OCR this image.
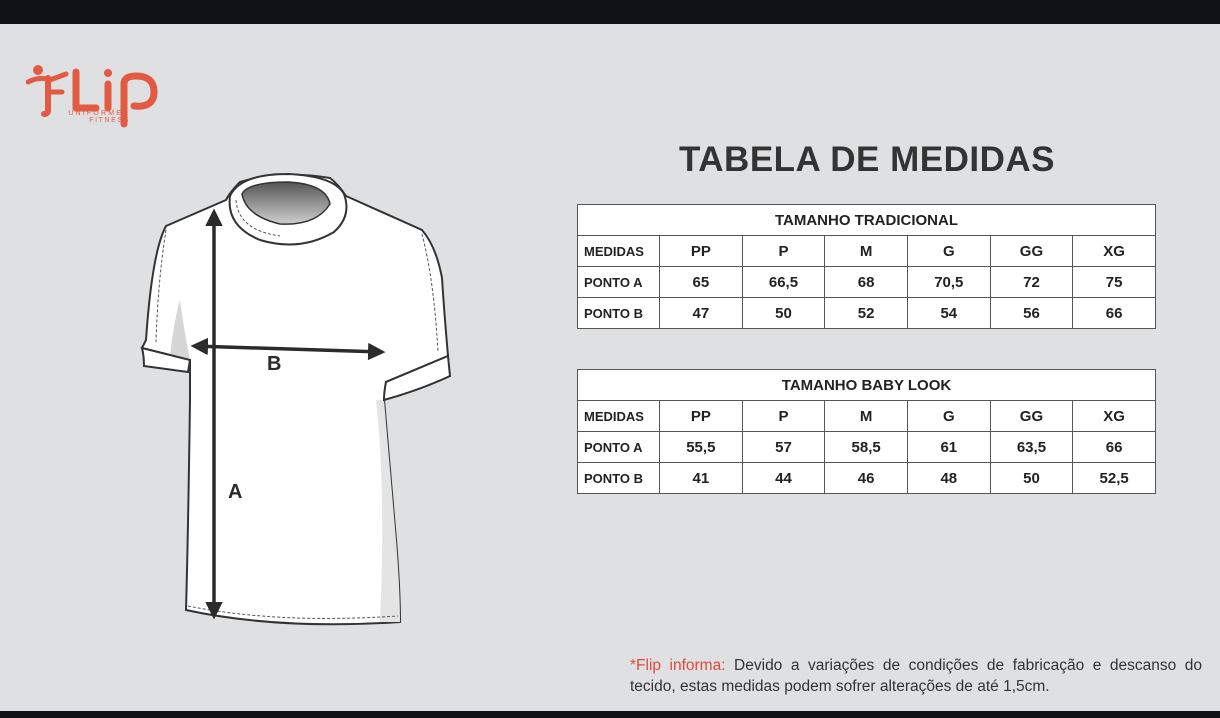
UNIFORMES
FITNESS
A
B
TABELA DE MEDIDAS
TAMANHO TRADICIONAL						
MEDIDAS	PP	P	M	G	GG	XG
PONTO A	65	66,5	68	70,5	72	75
PONTO B	47	50	52	54	56	66
TAMANHO BABY LOOK						
MEDIDAS	PP	P	M	G	GG	XG
PONTO A	55,5	57	58,5	61	63,5	66
PONTO B	41	44	46	48	50	52,5
*Flip informa: Devido a variações de condições de fabricação e descanso do tecido, estas medidas podem sofrer alterações de até 1,5cm.
